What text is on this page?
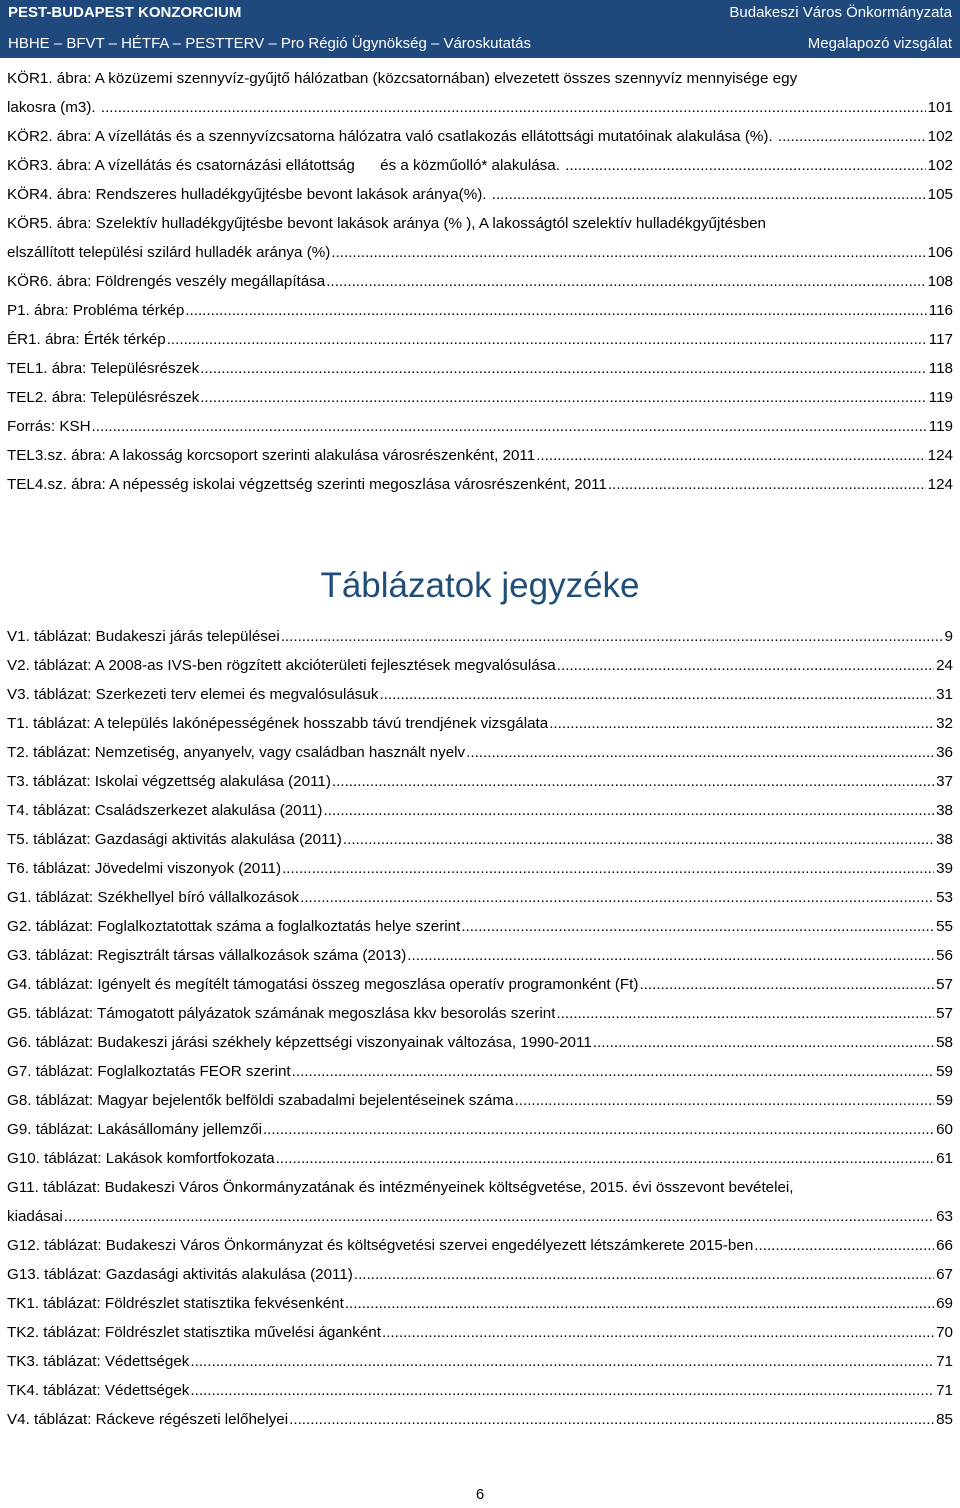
PEST-BUDAPEST KONZORCIUM	Budakeszi Város Önkormányzata
HBHE – BFVT – HÉTFA – PESTTERV – Pro Régió Ügynökség – Városkutatás	Megalapozó vizsgálat
KÖR1. ábra: A közüzemi szennyvíz-gyűjtő hálózatban (közcsatornában) elvezetett összes szennyvíz mennyisége egy
lakosra (m3). .....	101
KÖR2. ábra: A vízellátás és a szennyvízcsatorna hálózatra való csatlakozás ellátottsági mutatóinak alakulása (%). .....	102
KÖR3. ábra: A vízellátás és csatornázási ellátottság      és a közműolló* alakulása. .....	102
KÖR4. ábra: Rendszeres hulladékgyűjtésbe bevont lakások aránya(%). .....	105
KÖR5. ábra: Szelektív hulladékgyűjtésbe bevont lakások aránya (% ), A lakosságtól szelektív hulladékgyűjtésben
elszállított települési szilárd hulladék aránya (%) .....	106
KÖR6. ábra: Földrengés veszély megállapítása .....	108
P1. ábra: Probléma térkép .....	116
ÉR1. ábra: Érték térkép .....	117
TEL1. ábra: Településrészek .....	118
TEL2. ábra: Településrészek .....	119
Forrás: KSH .....	119
TEL3.sz. ábra: A lakosság korcsoport szerinti alakulása városrészenként, 2011 .....	124
TEL4.sz. ábra: A népesség iskolai végzettség szerinti megoszlása városrészenként, 2011 .....	124
Táblázatok jegyzéke
V1. táblázat: Budakeszi járás települései .....	9
V2. táblázat: A 2008-as IVS-ben rögzített akcióterületi fejlesztések megvalósulása .....	24
V3. táblázat: Szerkezeti terv elemei és megvalósulásuk .....	31
T1. táblázat: A település lakónépességének hosszabb távú trendjének vizsgálata .....	32
T2. táblázat: Nemzetiség, anyanyelv, vagy családban használt nyelv .....	36
T3. táblázat: Iskolai végzettség alakulása (2011) .....	37
T4. táblázat: Családszerkezet alakulása (2011) .....	38
T5. táblázat: Gazdasági aktivitás alakulása (2011) .....	38
T6. táblázat: Jövedelmi viszonyok (2011) .....	39
G1. táblázat: Székhellyel bíró vállalkozások .....	53
G2. táblázat: Foglalkoztatottak száma a foglalkoztatás helye szerint .....	55
G3. táblázat: Regisztrált társas vállalkozások száma (2013) .....	56
G4. táblázat: Igényelt és megítélt támogatási összeg megoszlása operatív programonként (Ft) .....	57
G5. táblázat: Támogatott pályázatok számának megoszlása kkv besorolás szerint .....	57
G6. táblázat: Budakeszi járási székhely képzettségi viszonyainak változása, 1990-2011 .....	58
G7. táblázat: Foglalkoztatás FEOR szerint .....	59
G8. táblázat: Magyar bejelentők belföldi szabadalmi bejelentéseinek száma .....	59
G9. táblázat: Lakásállomány jellemzői .....	60
G10. táblázat: Lakások komfortfokozata .....	61
G11. táblázat: Budakeszi Város Önkormányzatának és intézményeinek költségvetése, 2015. évi összevont bevételei,
kiadásai .....	63
G12. táblázat: Budakeszi Város Önkormányzat és költségvetési szervei engedélyezett létszámkerete 2015-ben .....	66
G13. táblázat: Gazdasági aktivitás alakulása (2011) .....	67
TK1. táblázat: Földrészlet statisztika fekvésenként .....	69
TK2. táblázat: Földrészlet statisztika művelési áganként .....	70
TK3. táblázat: Védettségek .....	71
TK4. táblázat: Védettségek .....	71
V4. táblázat: Ráckeve régészeti lelőhelyei .....	85
6
